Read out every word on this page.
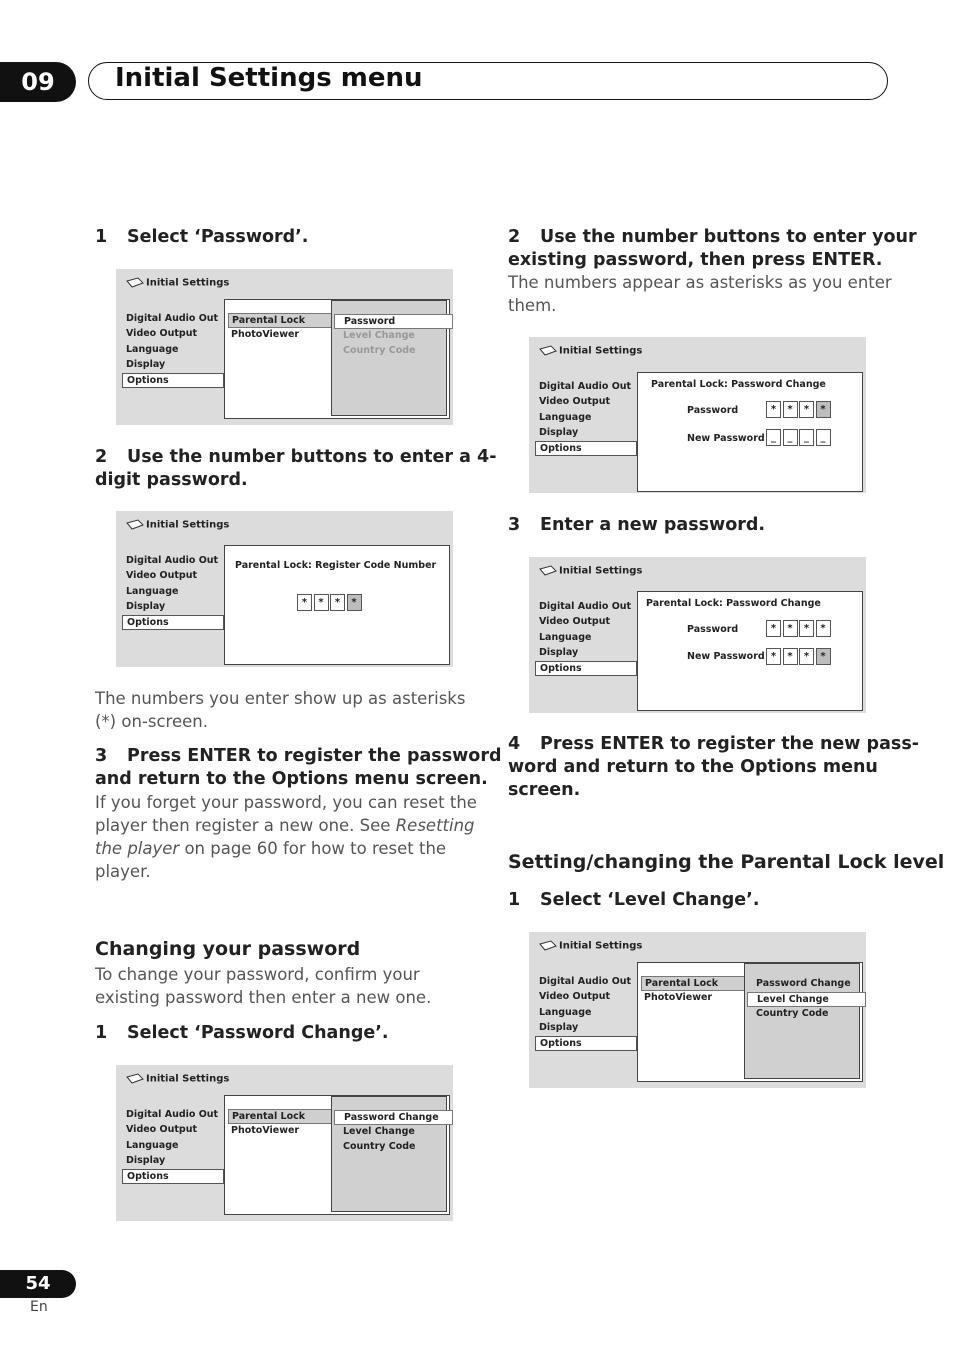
09	Initial Settings menu
1 Select ‘Password’.
Initial Settings
Digital Audio Out
Video Output
Language
Display
Options
Parental Lock
PhotoViewer
Password
Level Change
Country Code
2 Use the number buttons to enter a 4-
digit password.
Initial Settings
Digital Audio Out
Video Output
Language
Display
Options
Parental Lock: Register Code Number
*	*	*	*
The numbers you enter show up as asterisks
(*) on-screen.
3 Press ENTER to register the password
and return to the Options menu screen.
If you forget your password, you can reset the
player then register a new one. See Resetting
the player on page 60 for how to reset the
player.
Changing your password
To change your password, confirm your
existing password then enter a new one.
1 Select ‘Password Change’.
Initial Settings
Digital Audio Out
Video Output
Language
Display
Options
Parental Lock
PhotoViewer
Password Change
Level Change
Country Code
2 Use the number buttons to enter your
existing password, then press ENTER.
The numbers appear as asterisks as you enter
them.
Initial Settings
Digital Audio Out
Video Output
Language
Display
Options
Parental Lock: Password Change
Password	*	*	*	*
New Password _	_	_	_
3 Enter a new password.
Initial Settings
Digital Audio Out
Video Output
Language
Display
Options
Parental Lock: Password Change
Password	*	*	*	*
New Password *	*	*	*
4 Press ENTER to register the new pass-
word and return to the Options menu
screen.
Setting/changing the Parental Lock level
1 Select ‘Level Change’.
Initial Settings
Digital Audio Out
Video Output
Language
Display
Options
Parental Lock
PhotoViewer
Password Change
Level Change
Country Code
54
En
